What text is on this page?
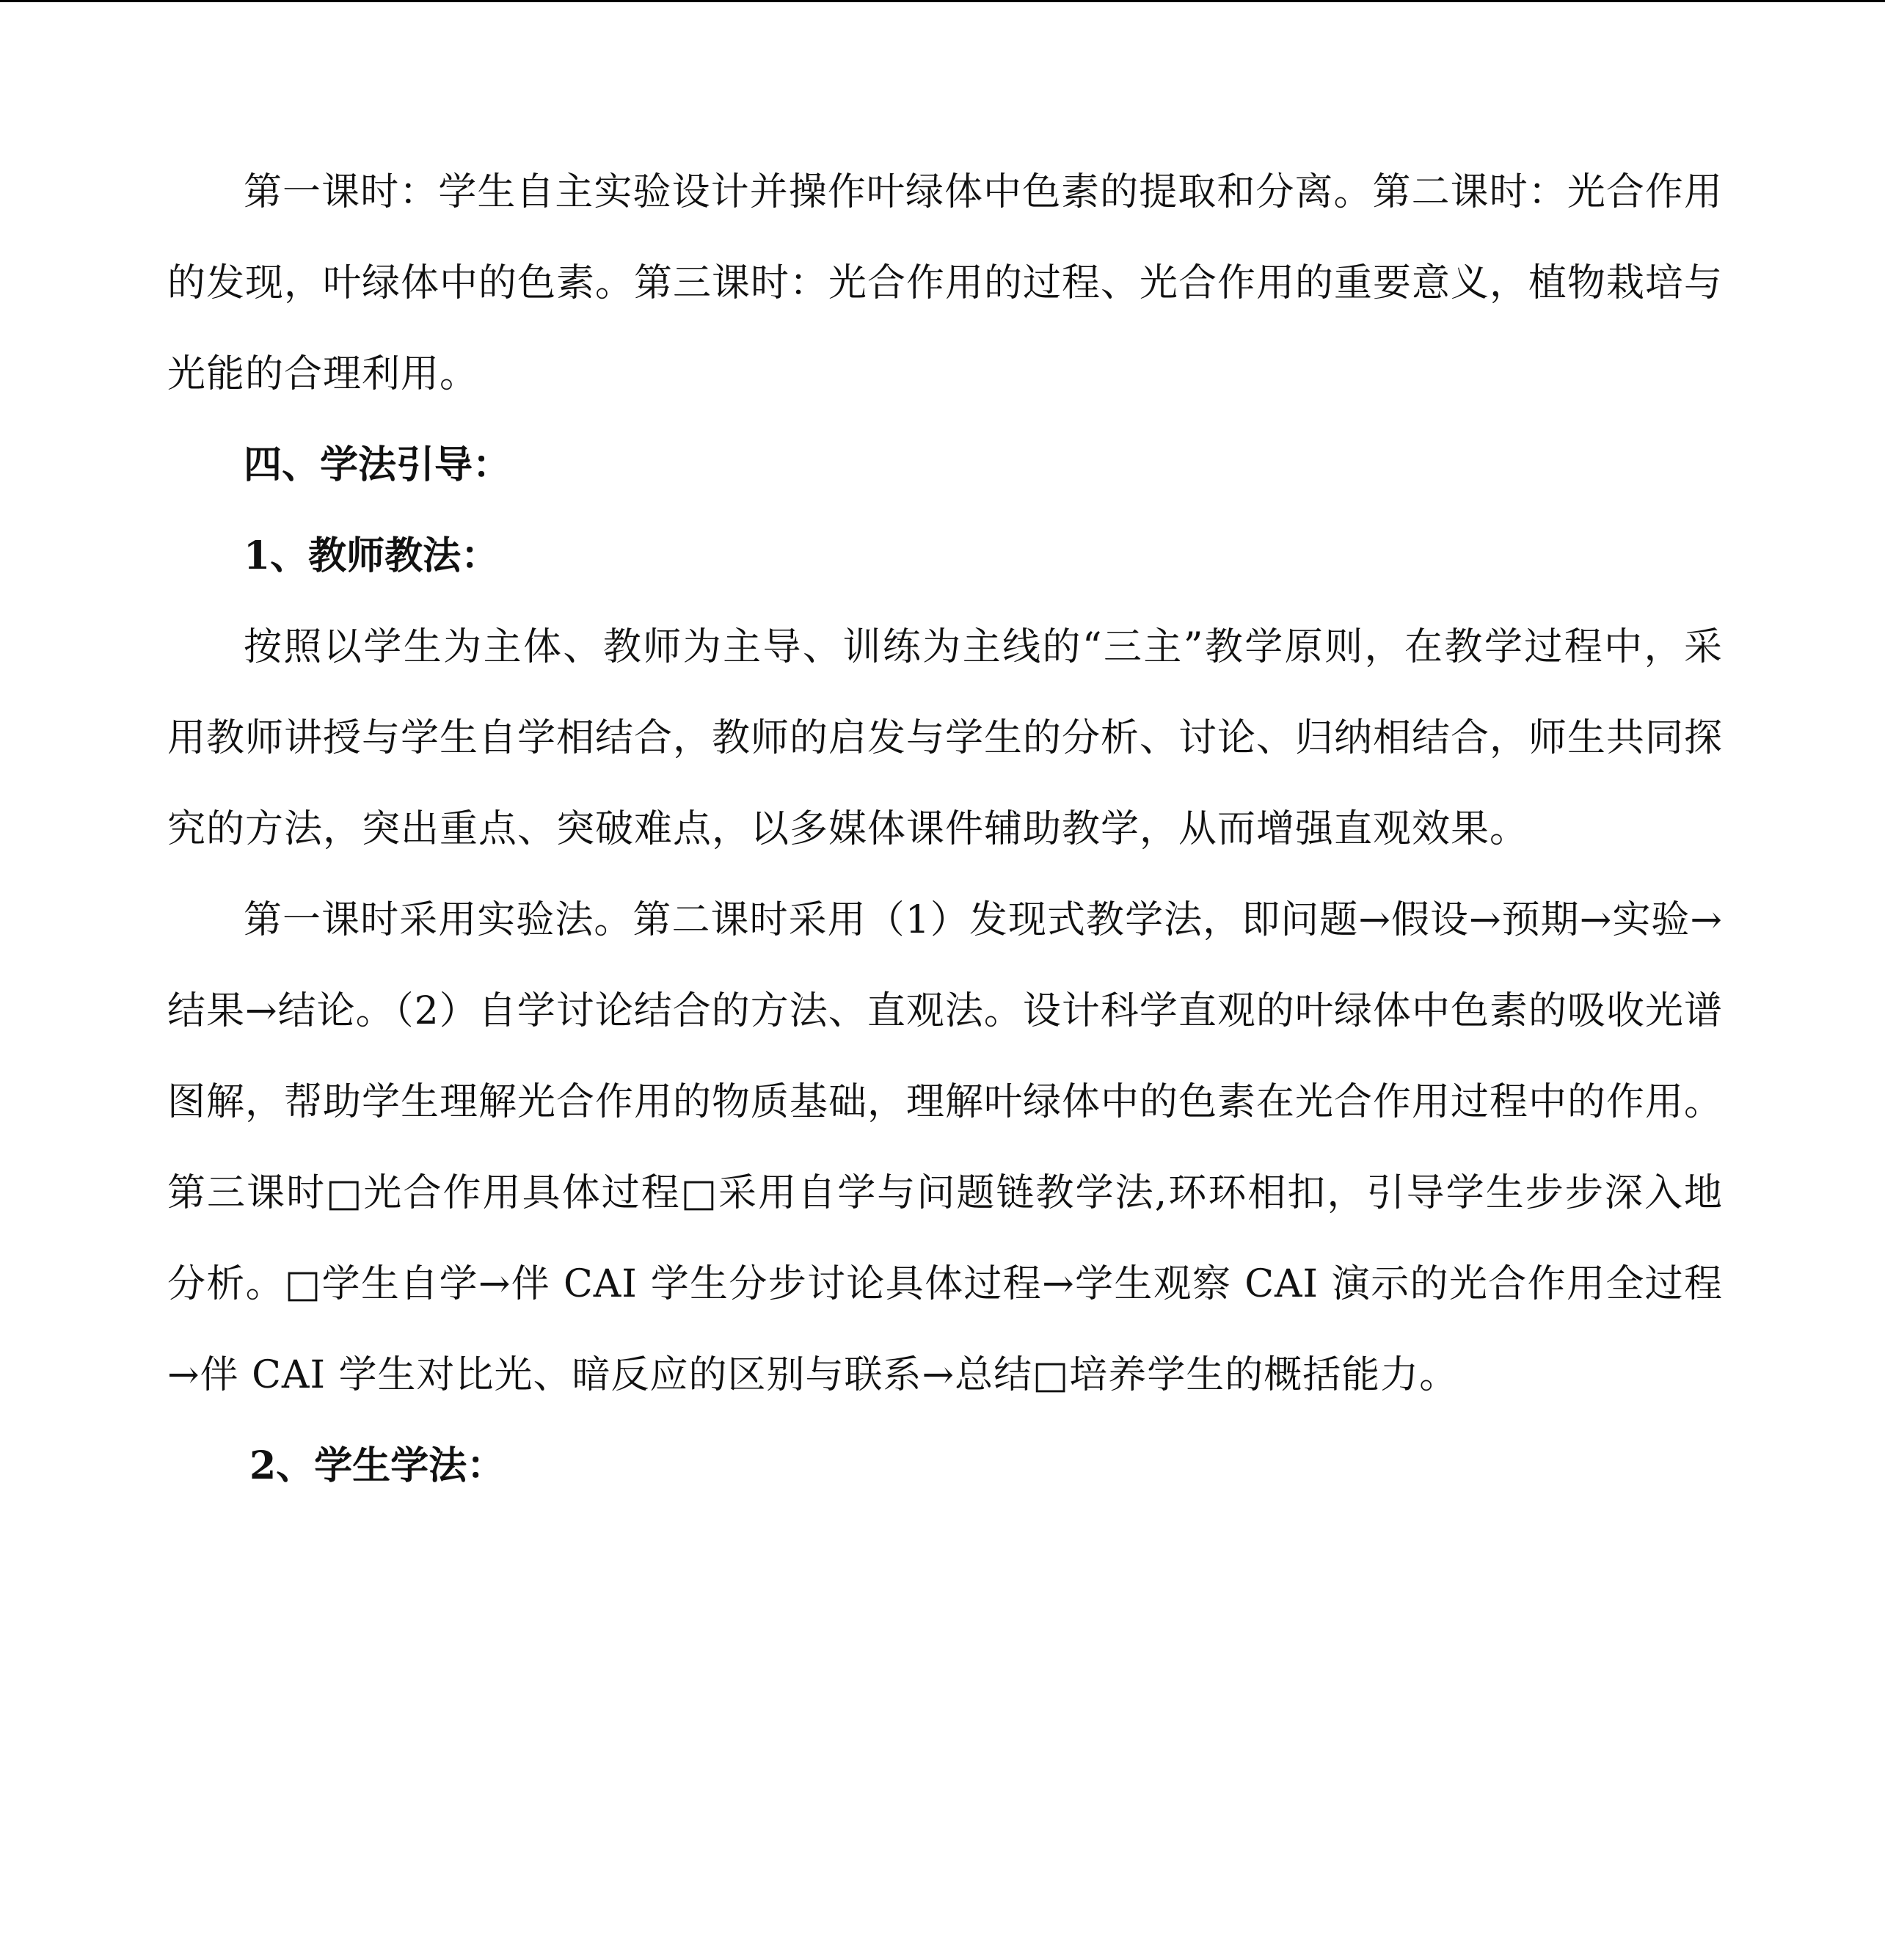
第一课时：学生自主实验设计并操作叶绿体中色素的提取和分离。第二课时：光合作用的发现，叶绿体中的色素。第三课时：光合作用的过程、光合作用的重要意义，植物栽培与光能的合理利用。

四、学法引导：

1、教师教法：

按照以学生为主体、教师为主导、训练为主线的“三主”教学原则，在教学过程中，采用教师讲授与学生自学相结合，教师的启发与学生的分析、讨论、归纳相结合，师生共同探究的方法，突出重点、突破难点，以多媒体课件辅助教学，从而增强直观效果。

第一课时采用实验法。第二课时采用（1）发现式教学法，即问题→假设→预期→实验→结果→结论。（2）自学讨论结合的方法、直观法。设计科学直观的叶绿体中色素的吸收光谱图解，帮助学生理解光合作用的物质基础，理解叶绿体中的色素在光合作用过程中的作用。第三课时□光合作用具体过程□采用自学与问题链教学法,环环相扣，引导学生步步深入地分析。□学生自学→伴 CAI 学生分步讨论具体过程→学生观察 CAI 演示的光合作用全过程→伴 CAI 学生对比光、暗反应的区别与联系→总结□培养学生的概括能力。

2、学生学法：
